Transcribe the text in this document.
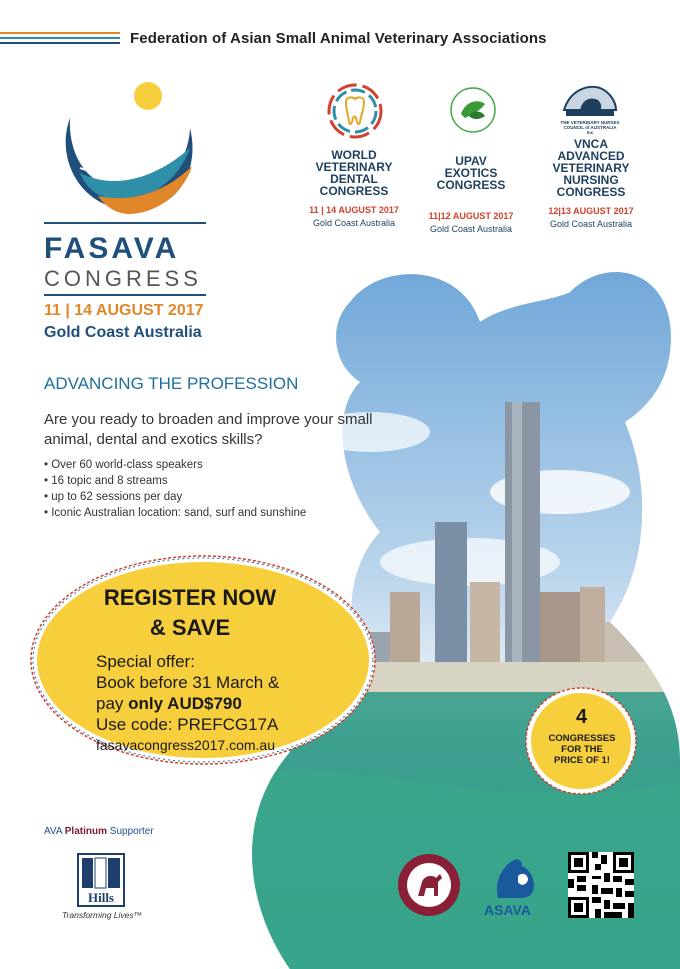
Federation of Asian Small Animal Veterinary Associations
FASAVA
CONGRESS
11 | 14 AUGUST 2017
Gold Coast Australia
WORLD
VETERINARY
DENTAL
CONGRESS
11 | 14 AUGUST 2017
Gold Coast Australia
UPAV
EXOTICS
CONGRESS
11|12 AUGUST 2017
Gold Coast Australia
THE VETERINARY NURSES COUNCIL of AUSTRALIA Inc
VNCA
ADVANCED
VETERINARY
NURSING
CONGRESS
12|13 AUGUST 2017
Gold Coast Australia
ADVANCING THE PROFESSION
Are you ready to broaden and improve your small animal, dental and exotics skills?
• Over 60 world-class speakers
• 16 topic and 8 streams
• up to 62 sessions per day
• Iconic Australian location: sand, surf and sunshine
REGISTER NOW
& SAVE
Special offer:
Book before 31 March &
pay only AUD$790
Use code: PREFCG17A
fasavacongress2017.com.au
4
CONGRESSES
FOR THE
PRICE OF 1!
AVA Platinum Supporter
Hills
Transforming Lives™	ASAVA
